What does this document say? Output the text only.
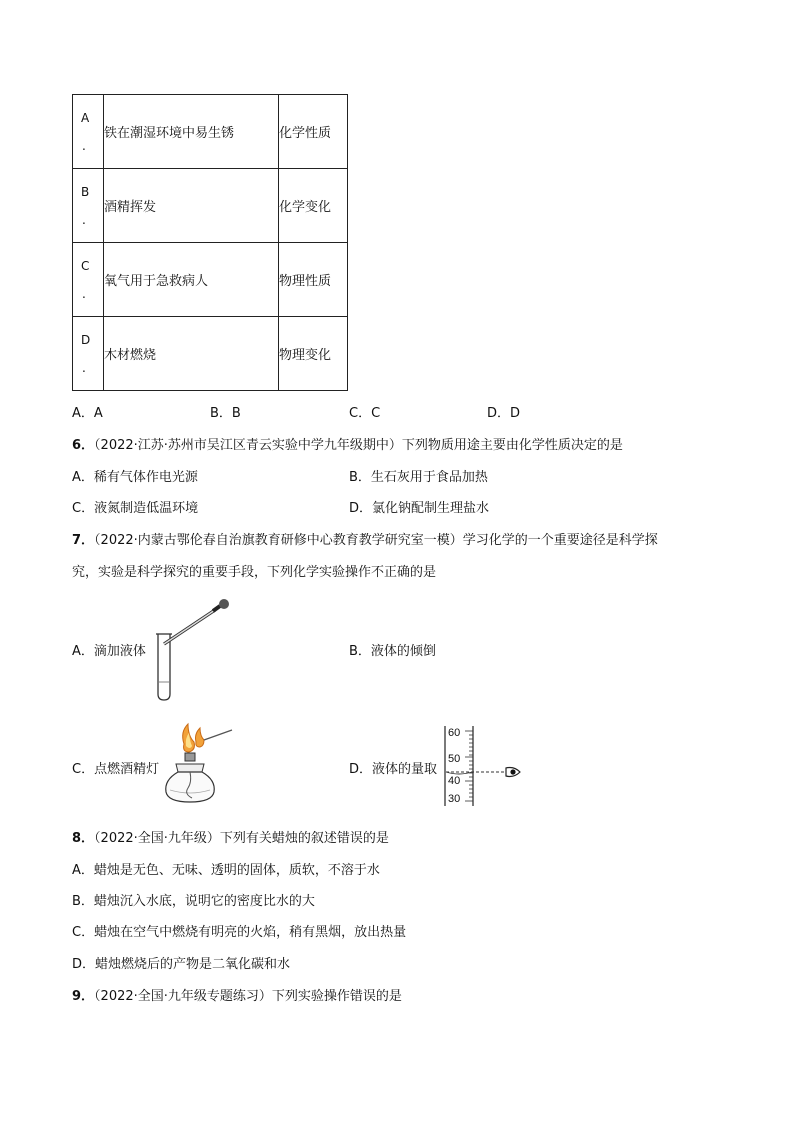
A
.	铁在潮湿环境中易生锈	化学性质

B
.	酒精挥发	化学变化

C
.	氧气用于急救病人	物理性质

D
.	木材燃烧	物理变化
A．A	B．B	C．C	D．D
6．（2022·江苏·苏州市吴江区青云实验中学九年级期中）下列物质用途主要由化学性质决定的是
A．稀有气体作电光源	B．生石灰用于食品加热
C．液氮制造低温环境	D．氯化钠配制生理盐水
7．（2022·内蒙古鄂伦春自治旗教育研修中心教育教学研究室一模）学习化学的一个重要途径是科学探
究，实验是科学探究的重要手段，下列化学实验操作不正确的是
A．滴加液体	B．液体的倾倒
C．点燃酒精灯	D．液体的量取
60
50
40
30
8．（2022·全国·九年级）下列有关蜡烛的叙述错误的是
A．蜡烛是无色、无味、透明的固体，质软，不溶于水
B．蜡烛沉入水底，说明它的密度比水的大
C．蜡烛在空气中燃烧有明亮的火焰，稍有黑烟，放出热量
D．蜡烛燃烧后的产物是二氧化碳和水
9．（2022·全国·九年级专题练习）下列实验操作错误的是
